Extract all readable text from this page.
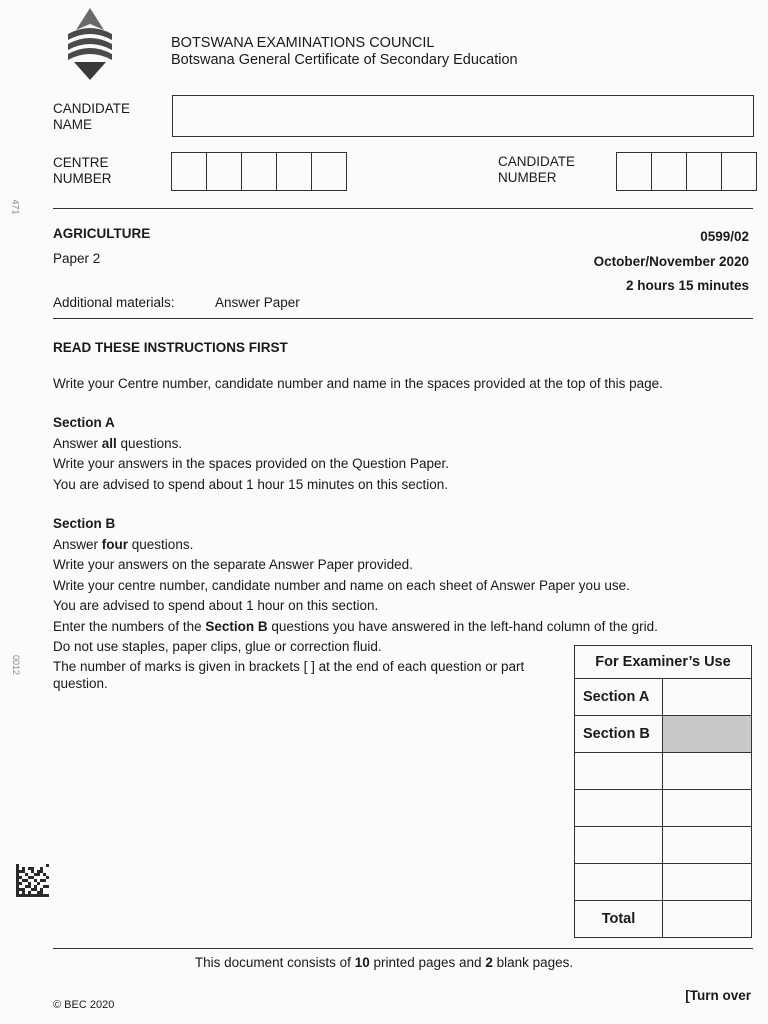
BOTSWANA EXAMINATIONS COUNCIL
Botswana General Certificate of Secondary Education
CANDIDATE
NAME
CENTRE
NUMBER
CANDIDATE
NUMBER
471
0012
AGRICULTURE
Paper 2
0599/02
October/November 2020
2 hours 15 minutes
Additional materials:	Answer Paper

READ THESE INSTRUCTIONS FIRST

Write your Centre number, candidate number and name in the spaces provided at the top of this page.

Section A

Answer all questions.

Write your answers in the spaces provided on the Question Paper.

You are advised to spend about 1 hour 15 minutes on this section.

Section B

Answer four questions.

Write your answers on the separate Answer Paper provided.

Write your centre number, candidate number and name on each sheet of Answer Paper you use.

You are advised to spend about 1 hour on this section.

Enter the numbers of the Section B questions you have answered in the left-hand column of the grid.

Do not use staples, paper clips, glue or correction fluid.

The number of marks is given in brackets [ ] at the end of each question or part

question.

For Examiner’s Use	
Section A	
Section B	

Total	
This document consists of 10 printed pages and 2 blank pages.
© BEC 2020
[Turn over
